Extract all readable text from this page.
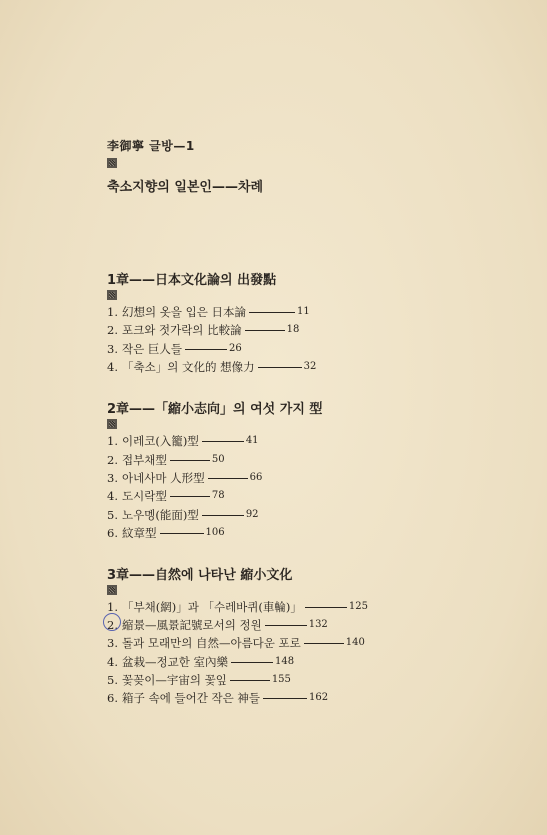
李御寧 글방—1
축소지향의 일본인——차례
1章——日本文化論의 出發點
1. 幻想의 옷을 입은 日本論	11
2. 포크와 젓가락의 比較論	18
3. 작은 巨人들	26
4. 「축소」의 文化的 想像力	32
2章——「縮小志向」의 여섯 가지 型
1. 이레코(入籠)型	41
2. 접부채型	50
3. 아네사마 人形型	66
4. 도시락型	78
5. 노우멩(能面)型	92
6. 紋章型	106
3章——自然에 나타난 縮小文化
1. 「부채(網)」과 「수레바퀴(車輪)」	125
2. 縮景—風景記號로서의 정원	132
3. 돌과 모래만의 自然—아름다운 포로	140
4. 盆栽—정교한 室內樂	148
5. 꽃꽂이—宇宙의 꽃잎	155
6. 箱子 속에 들어간 작은 神들	162
